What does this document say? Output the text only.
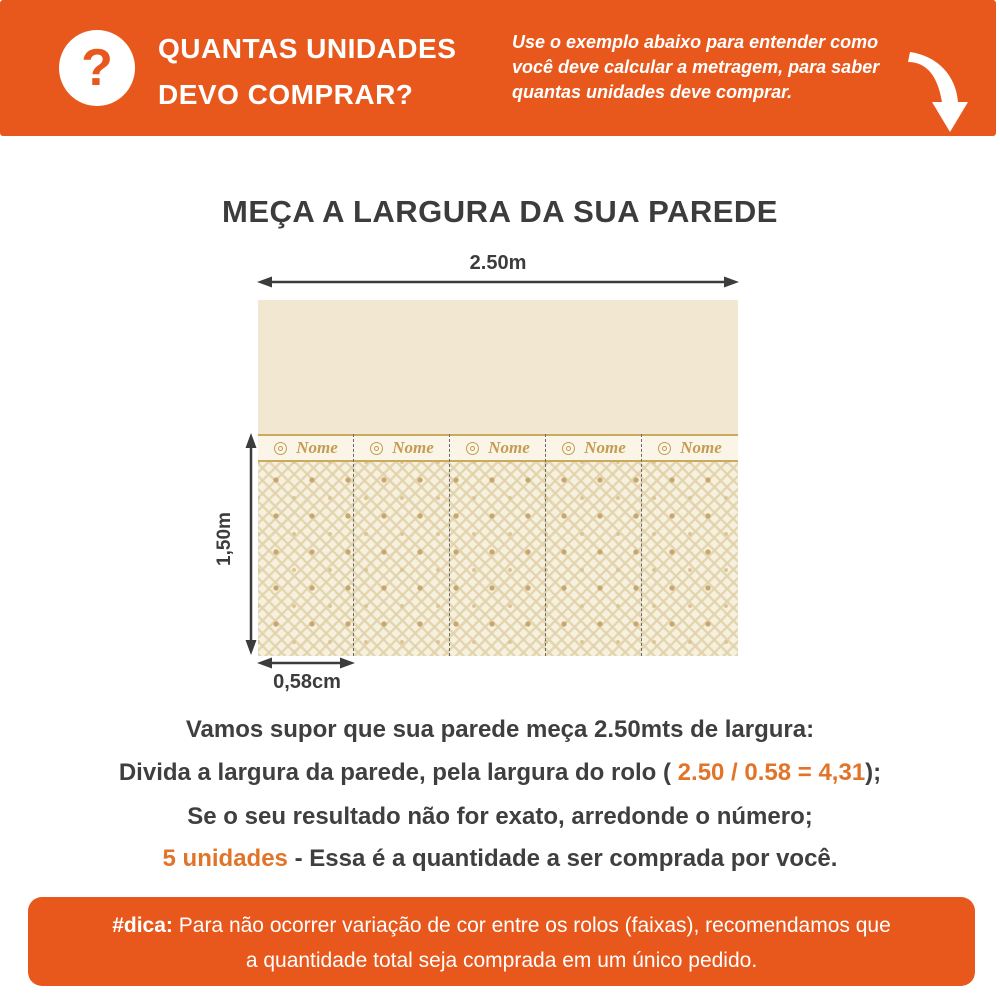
? QUANTAS UNIDADES
DEVO COMPRAR?
Use o exemplo abaixo para entender como
você deve calcular a metragem, para saber
quantas unidades deve comprar.
MEÇA A LARGURA DA SUA PAREDE
2.50m
Nome	Nome	Nome	Nome	Nome
1,50m
0,58cm
Vamos supor que sua parede meça 2.50mts de largura:
Divida a largura da parede, pela largura do rolo ( 2.50 / 0.58 = 4,31);
Se o seu resultado não for exato, arredonde o número;
5 unidades - Essa é a quantidade a ser comprada por você.
#dica: Para não ocorrer variação de cor entre os rolos (faixas), recomendamos que
a quantidade total seja comprada em um único pedido.
